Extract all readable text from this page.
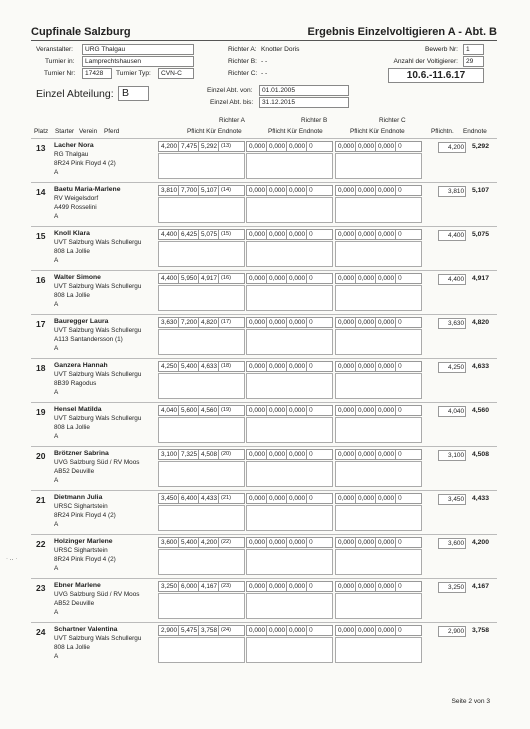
Cupfinale Salzburg	Ergebnis Einzelvoltigieren A - Abt. B
Veranstalter:	URG Thalgau
Turnier in:	Lamprechtshausen
Turnier Nr:	17428	Turnier Typ:	CVN-C
Richter A: Knotter Doris
Richter B: - -
Richter C: - -
Bewerb Nr:	1
Anzahl der Voltigierer:	29
10.6.-11.6.17
Einzel Abteilung: B	Einzel Abt. von:	01.01.2005
Einzel Abt. bis:	31.12.2015
Richter A	Richter B	Richter C
Platz Starter Verein Pferd	Pflicht Kür Endnote	Pflicht Kür Endnote	Pflicht Kür Endnote	Pflichtn. Endnote
13 Lacher Nora
RG Thalgau
8R24 Pink Floyd 4 (2)
A
4,200 7,475 5,292 (13)	0,000 0,000 0,000 ()	0,000 0,000 0,000 ()	4,200	5,292
14 Baetu Maria-Marlene
RV Weigelsdorf
A499 Rosselini
A
3,810 7,700 5,107 (14)	0,000 0,000 0,000 ()	0,000 0,000 0,000 ()	3,810	5,107
15 Knoll Klara
UVT Salzburg Wals Schullergu
808 La Jollie
A
4,400 6,425 5,075 (15)	0,000 0,000 0,000 ()	0,000 0,000 0,000 ()	4,400	5,075
16 Walter Simone
UVT Salzburg Wals Schullergu
808 La Jollie
A
4,400 5,950 4,917 (16)	0,000 0,000 0,000 ()	0,000 0,000 0,000 ()	4,400	4,917
17 Bauregger Laura
UVT Salzburg Wals Schullergu
A113 Santandersson (1)
A
3,630 7,200 4,820 (17)	0,000 0,000 0,000 ()	0,000 0,000 0,000 ()	3,630	4,820
18 Ganzera Hannah
UVT Salzburg Wals Schullergu
8B39 Ragodus
A
4,250 5,400 4,633 (18)	0,000 0,000 0,000 ()	0,000 0,000 0,000 ()	4,250	4,633
19 Hensel Matilda
UVT Salzburg Wals Schullergu
808 La Jollie
A
4,040 5,600 4,560 (19)	0,000 0,000 0,000 ()	0,000 0,000 0,000 ()	4,040	4,560
20 Brötzner Sabrina
UVG Salzburg Süd / RV Moos
AB52 Deuville
A
3,100 7,325 4,508 (20)	0,000 0,000 0,000 ()	0,000 0,000 0,000 ()	3,100	4,508
21 Dietmann Julia
URSC Sighartstein
8R24 Pink Floyd 4 (2)
A
3,450 6,400 4,433 (21)	0,000 0,000 0,000 ()	0,000 0,000 0,000 ()	3,450	4,433
22 Holzinger Marlene
URSC Sighartstein
8R24 Pink Floyd 4 (2)
A
3,600 5,400 4,200 (22)	0,000 0,000 0,000 ()	0,000 0,000 0,000 ()	3,600	4,200
23 Ebner Marlene
UVG Salzburg Süd / RV Moos
AB52 Deuville
A
3,250 6,000 4,167 (23)	0,000 0,000 0,000 ()	0,000 0,000 0,000 ()	3,250	4,167
24 Schartner Valentina
UVT Salzburg Wals Schullergu
808 La Jollie
A
2,900 5,475 3,758 (24)	0,000 0,000 0,000 ()	0,000 0,000 0,000 ()	2,900	3,758
· ‥ ·
Seite 2 von 3
